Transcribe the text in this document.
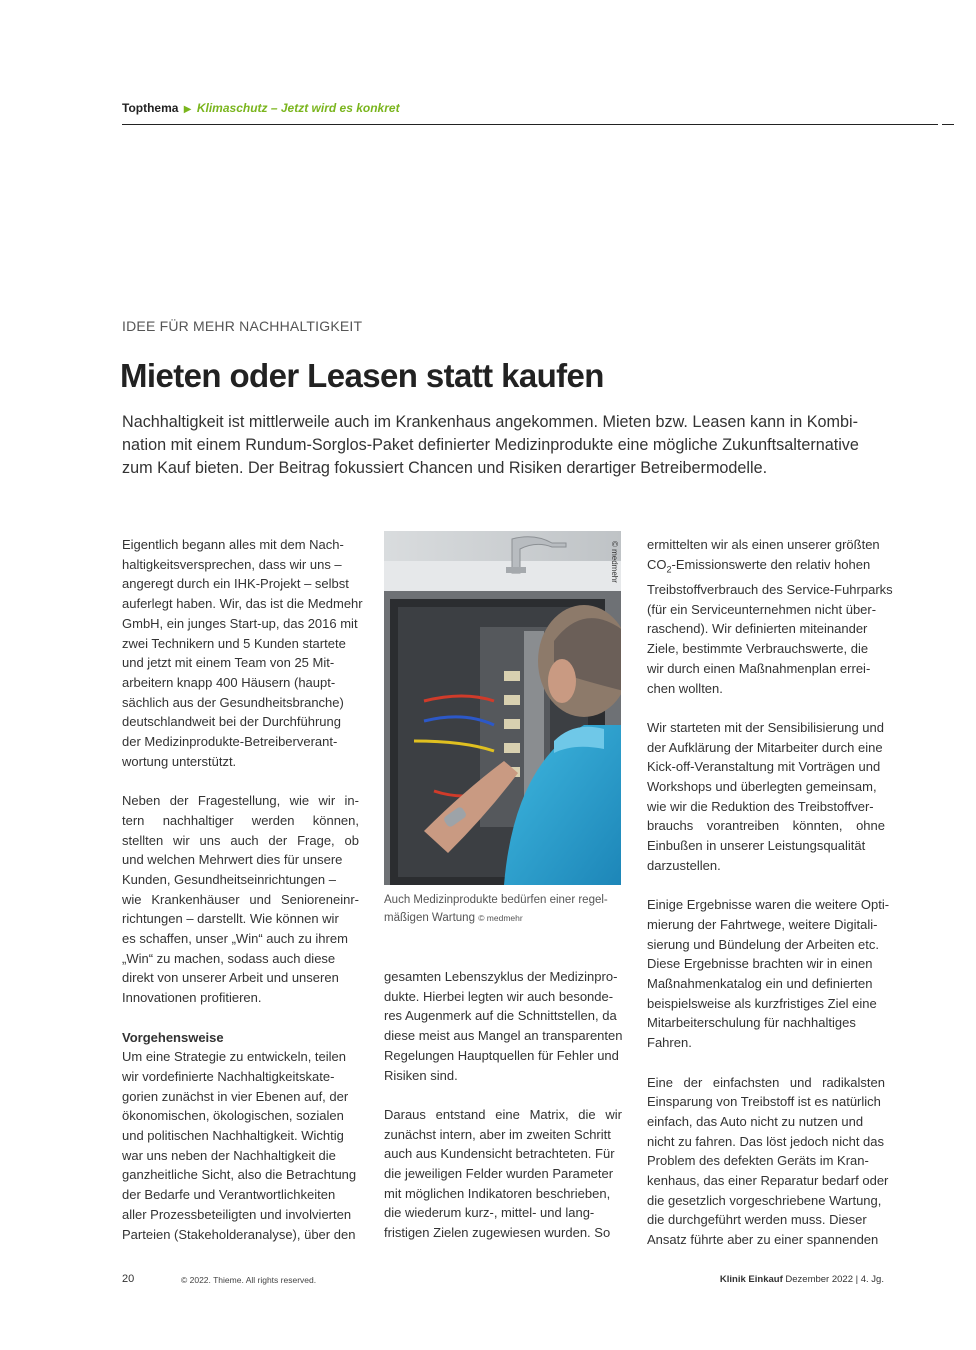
Topthema ▶ Klimaschutz – Jetzt wird es konkret
IDEE FÜR MEHR NACHHALTIGKEIT
Mieten oder Leasen statt kaufen

Nachhaltigkeit ist mittlerweile auch im Krankenhaus angekommen. Mieten bzw. Leasen kann in Kombi-
nation mit einem Rundum-Sorglos-Paket definierter Medizinprodukte eine mögliche Zukunftsalternative
zum Kauf bieten. Der Beitrag fokussiert Chancen und Risiken derartiger Betreibermodelle.

Eigentlich begann alles mit dem Nach-
haltigkeitsversprechen, dass wir uns –
angeregt durch ein IHK-Projekt – selbst
auferlegt haben. Wir, das ist die Medmehr
GmbH, ein junges Start-up, das 2016 mit
zwei Technikern und 5 Kunden startete
und jetzt mit einem Team von 25 Mit-
arbeitern knapp 400 Häusern (haupt-
sächlich aus der Gesundheitsbranche)
deutschlandweit bei der Durchführung
der Medizinprodukte-Betreiberverant-
wortung unterstützt.
Neben der Fragestellung, wie wir in-
tern nachhaltiger werden können,
stellten wir uns auch der Frage, ob
und welchen Mehrwert dies für unsere
Kunden, Gesundheitseinrichtungen –
wie Krankenhäuser und Senioreneinr-
richtungen – darstellt. Wie können wir
es schaffen, unser „Win“ auch zu ihrem
„Win“ zu machen, sodass auch diese
direkt von unserer Arbeit und unseren
Innovationen profitieren.
Vorgehensweise
Um eine Strategie zu entwickeln, teilen
wir vordefinierte Nachhaltigkeitskate-
gorien zunächst in vier Ebenen auf, der
ökonomischen, ökologischen, sozialen
und politischen Nachhaltigkeit. Wichtig
war uns neben der Nachhaltigkeit die
ganzheitliche Sicht, also die Betrachtung
der Bedarfe und Verantwortlichkeiten
aller Prozessbeteiligten und involvierten
Parteien (Stakeholderanalyse), über den
© medmehr
Auch Medizinprodukte bedürfen einer regel-
mäßigen Wartung © medmehr
gesamten Lebenszyklus der Medizinpro-
dukte. Hierbei legten wir auch besonde-
res Augenmerk auf die Schnittstellen, da
diese meist aus Mangel an transparenten
Regelungen Hauptquellen für Fehler und
Risiken sind.
Daraus entstand eine Matrix, die wir
zunächst intern, aber im zweiten Schritt
auch aus Kundensicht betrachteten. Für
die jeweiligen Felder wurden Parameter
mit möglichen Indikatoren beschrieben,
die wiederum kurz-, mittel- und lang-
fristigen Zielen zugewiesen wurden. So
ermittelten wir als einen unserer größten
$CO_2$-Emissionswerte den relativ hohen
Treibstoffverbrauch des Service-Fuhrparks
(für ein Serviceunternehmen nicht über-
raschend). Wir definierten miteinander
Ziele, bestimmte Verbrauchswerte, die
wir durch einen Maßnahmenplan errei-
chen wollten.
Wir starteten mit der Sensibilisierung und
der Aufklärung der Mitarbeiter durch eine
Kick-off-Veranstaltung mit Vorträgen und
Workshops und überlegten gemeinsam,
wie wir die Reduktion des Treibstoffver-
brauchs vorantreiben könnten, ohne
Einbußen in unserer Leistungsqualität
darzustellen.
Einige Ergebnisse waren die weitere Opti-
mierung der Fahrtwege, weitere Digitali-
sierung und Bündelung der Arbeiten etc.
Diese Ergebnisse brachten wir in einen
Maßnahmenkatalog ein und definierten
beispielsweise als kurzfristiges Ziel eine
Mitarbeiterschulung für nachhaltiges
Fahren.
Eine der einfachsten und radikalsten
Einsparung von Treibstoff ist es natürlich
einfach, das Auto nicht zu nutzen und
nicht zu fahren. Das löst jedoch nicht das
Problem des defekten Geräts im Kran-
kenhaus, das einer Reparatur bedarf oder
die gesetzlich vorgeschriebene Wartung,
die durchgeführt werden muss. Dieser
Ansatz führte aber zu einer spannenden
20	© 2022. Thieme. All rights reserved.	Klinik Einkauf Dezember 2022 | 4. Jg.
